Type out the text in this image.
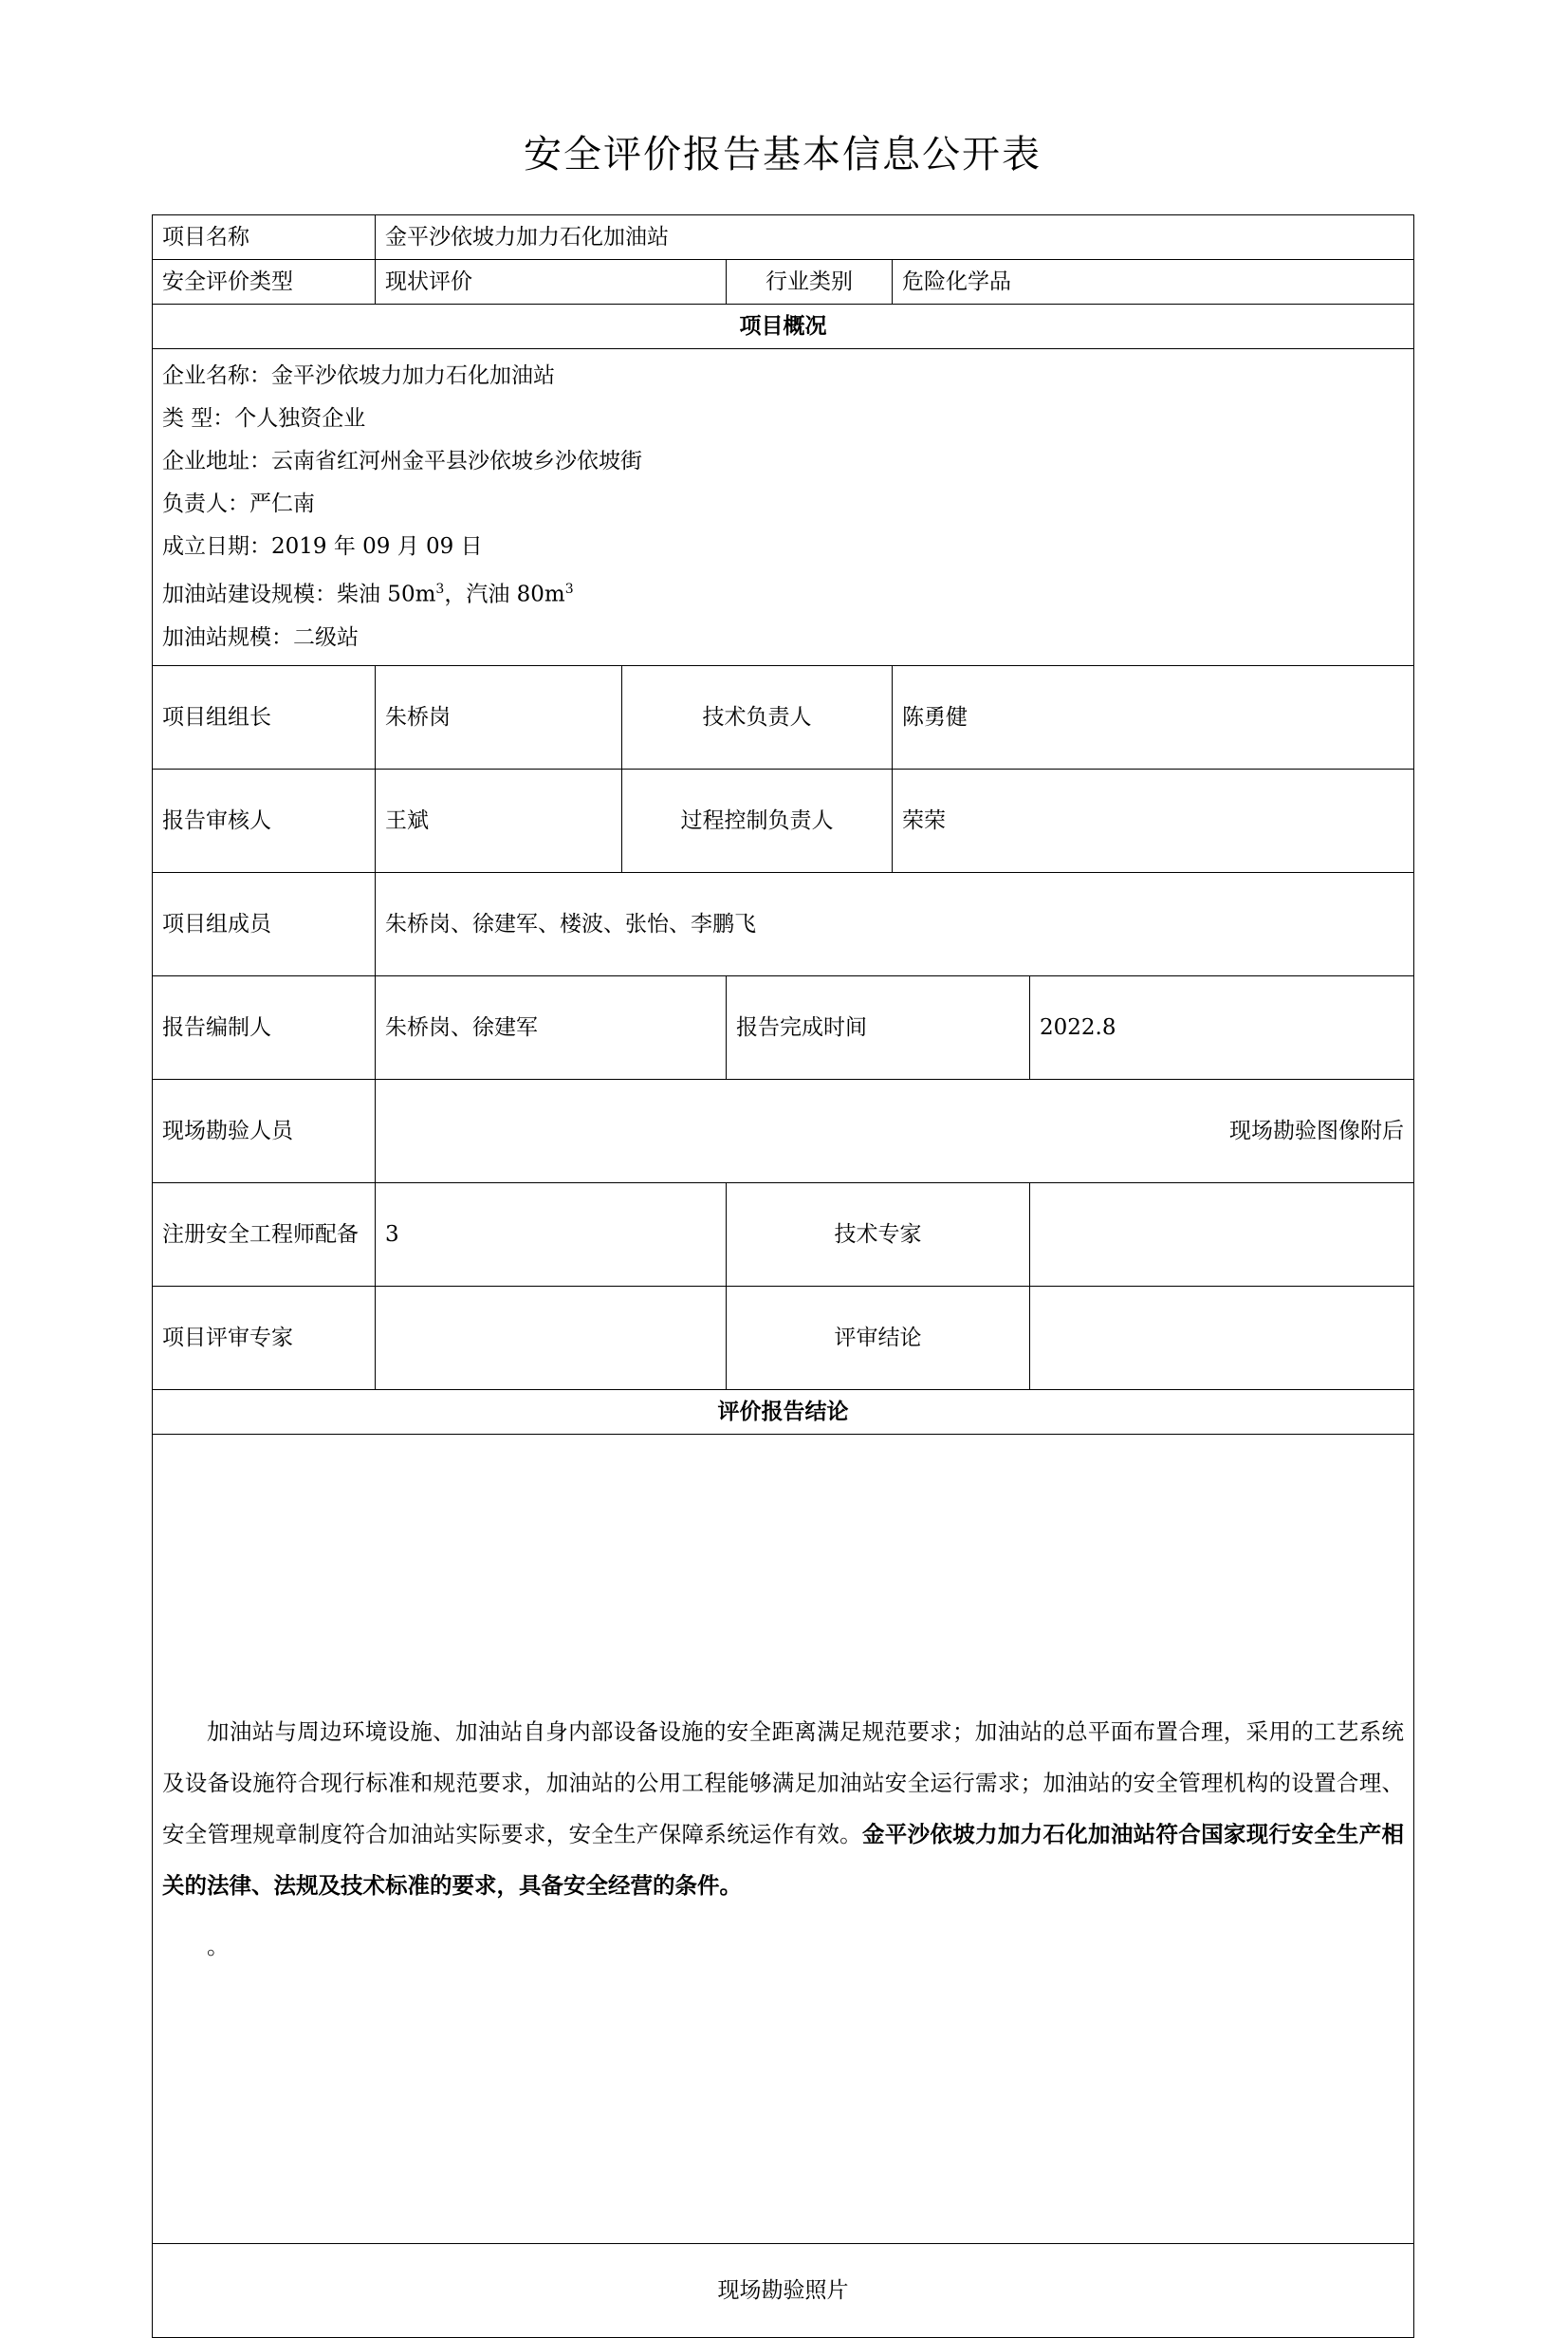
安全评价报告基本信息公开表
项目名称	金平沙依坡力加力石化加油站				
安全评价类型	现状评价		行业类别	危险化学品	
项目概况					

企业名称：金平沙依坡力加力石化加油站
类 型：个人独资企业
企业地址：云南省红河州金平县沙依坡乡沙依坡街
负责人：严仁南
成立日期：2019 年 09 月 09 日
加油站建设规模：柴油 $50m^3$，汽油 $80m^3$
加油站规模：二级站

项目组组长	朱桥岗	技术负责人		陈勇健	
报告审核人	王斌	过程控制负责人		荣荣	
项目组成员	朱桥岗、徐建军、楼波、张怡、李鹏飞				
报告编制人	朱桥岗、徐建军		报告完成时间		2022.8
现场勘验人员	现场勘验图像附后				
注册安全工程师配备	3		技术专家		
项目评审专家			评审结论		
评价报告结论					

加油站与周边环境设施、加油站自身内部设备设施的安全距离满足规范要求；加油站的总平面布置合理，采用的工艺系统及设备设施符合现行标准和规范要求，加油站的公用工程能够满足加油站安全运行需求；加油站的安全管理机构的设置合理、安全管理规章制度符合加油站实际要求，安全生产保障系统运作有效。金平沙依坡力加力石化加油站符合国家现行安全生产相关的法律、法规及技术标准的要求，具备安全经营的条件。

。					

现场勘验照片					
